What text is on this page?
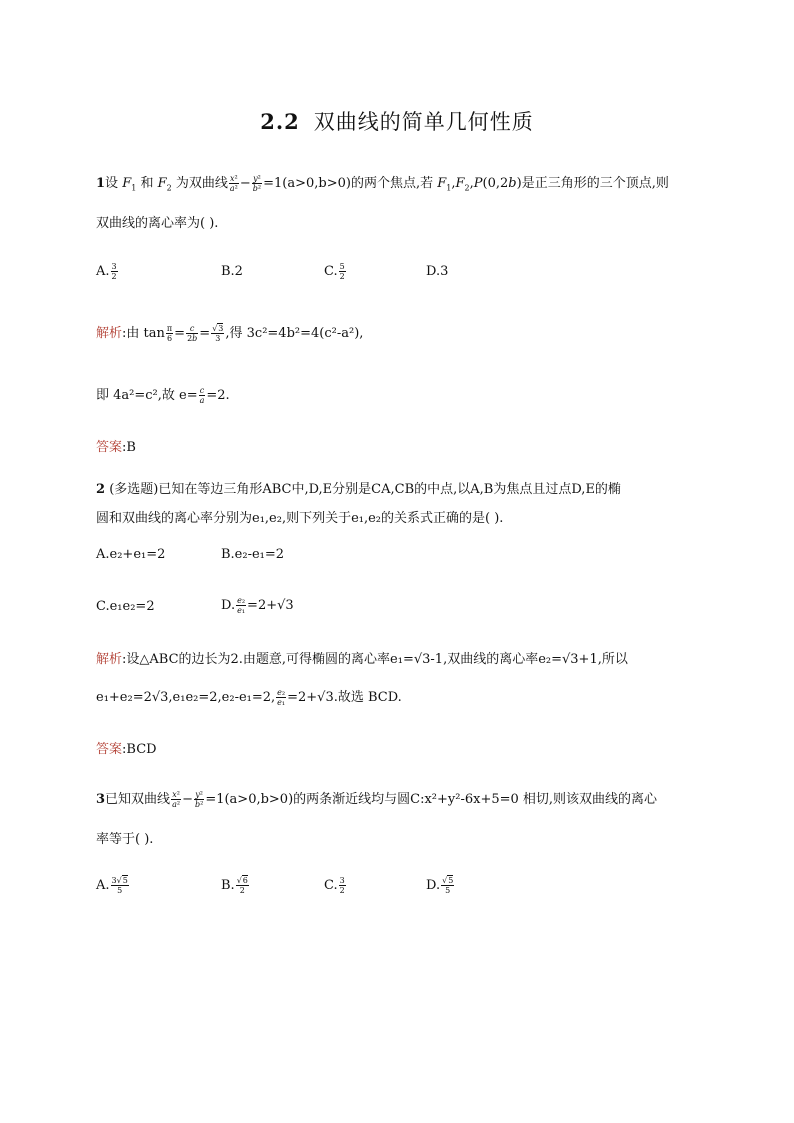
2.2 双曲线的简单几何性质
1设 $F_1$ 和 $F_2$ 为双曲线 $\frac{\text{x²}}{\text{a²}} - \frac{\text{y²}}{\text{b²}} =1(a>0,b>0)$的两个焦点,若 $F_1,F_2,P(0,2b)$是正三角形的三个顶点,则
双曲线的离心率为( ).
A. $\frac{3}{2}$	B.2	C. $\frac{5}{2}$	D.3
解析:由 $\tan \frac{\pi}{6} = \frac{c}{2b} = \frac{√3}{3}$ ,得 3c²=4b²=4(c²-a²),
即 4a²=c²,故 $e= \frac{c}{a} =2$.
答案:B
2 (多选题)已知在等边三角形ABC中,D,E分别是CA,CB的中点,以A,B为焦点且过点D,E的椭
圆和双曲线的离心率分别为e₁,e₂,则下列关于e₁,e₂的关系式正确的是( ).
A.e₂+e₁=2	B.e₂-e₁=2
C.e₁e₂=2	D. $\frac{\text{e₂}}{\text{e₁}} =2+√3$
解析:设△ABC的边长为2.由题意,可得椭圆的离心率e₁=√3-1,双曲线的离心率e₂=√3+1,所以
e₁+e₂=2√3,e₁e₂=2,e₂-e₁=2, $\frac{\text{e₂}}{\text{e₁}} =2+√3$.故选 BCD.
答案:BCD
3已知双曲线 $\frac{\text{x²}}{\text{a²}} - \frac{\text{y²}}{\text{b²}} =1(a>0,b>0)$的两条渐近线均与圆C:x²+y²-6x+5=0 相切,则该双曲线的离心
率等于( ).
A. $\frac{3√5}{5}$	B. $\frac{√6}{2}$	C. $\frac{3}{2}$	D. $\frac{√5}{5}$
